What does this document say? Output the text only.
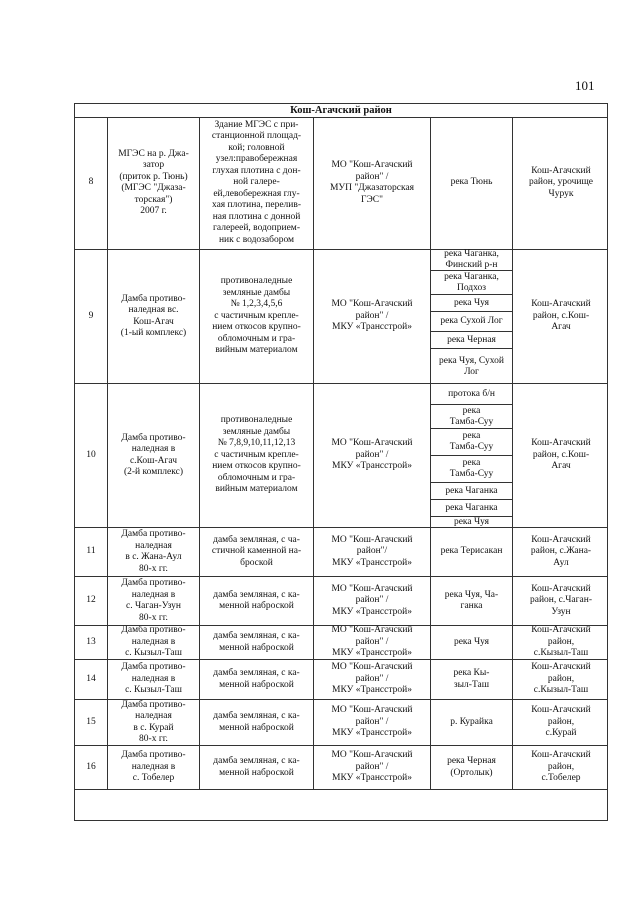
101
Кош-Агачский район
8
МГЭС на р. Джа-
затор
(приток р. Тюнь)
(МГЭС "Джаза-
торская")
2007 г.
Здание МГЭС с при-
станционной площад-
кой; головной
узел:правобережная
глухая плотина с дон-
ной галере-
ей,левобережная глу-
хая плотина, перелив-
ная плотина с донной
галереей, водоприем-
ник с водозабором
МО "Кош-Агачский
район" /
МУП "Джазаторская
ГЭС"
река Тюнь
Кош-Агачский
район, урочище
Чурук
9
Дамба противо-
наледная вс.
Кош-Агач
(1-ый комплекс)
противоналедные
земляные дамбы
№ 1,2,3,4,5,6
с частичным крепле-
нием откосов крупно-
обломочным и гра-
вийным материалом
МО "Кош-Агачский
район" /
МКУ «Трансстрой»
река Чаганка,
Финский р-н
река Чаганка,
Подхоз
река Чуя
река Сухой Лог
река Черная
река Чуя, Сухой
Лог
Кош-Агачский
район, с.Кош-
Агач
10
Дамба противо-
наледная в
с.Кош-Агач
(2-й комплекс)
противоналедные
земляные дамбы
№ 7,8,9,10,11,12,13
с частичным крепле-
нием откосов крупно-
обломочным и гра-
вийным материалом
МО "Кош-Агачский
район" /
МКУ «Трансстрой»
протока б/н
река
Тамба-Суу
река
Тамба-Суу
река
Тамба-Суу
река Чаганка
река Чаганка
река Чуя
Кош-Агачский
район, с.Кош-
Агач
11
Дамба противо-
наледная
в с. Жана-Аул
80-х гг.
дамба земляная, с ча-
стичной каменной на-
броской
МО "Кош-Агачский
район"/
МКУ «Трансстрой»
река Терисакан
Кош-Агачский
район, с.Жана-
Аул
12
Дамба противо-
наледная в
с. Чаган-Узун
80-х гг.
дамба земляная, с ка-
менной наброской
МО "Кош-Агачский
район" /
МКУ «Трансстрой»
река Чуя, Ча-
ганка
Кош-Агачский
район, с.Чаган-
Узун
13
Дамба противо-
наледная в
с. Кызыл-Таш
дамба земляная, с ка-
менной наброской
МО "Кош-Агачский
район" /
МКУ «Трансстрой»
река Чуя
Кош-Агачский
район,
с.Кызыл-Таш
14
Дамба противо-
наледная в
с. Кызыл-Таш
дамба земляная, с ка-
менной наброской
МО "Кош-Агачский
район" /
МКУ «Трансстрой»
река Кы-
зыл-Таш
Кош-Агачский
район,
с.Кызыл-Таш
15
Дамба противо-
наледная
в с. Курай
80-х гг.
дамба земляная, с ка-
менной наброской
МО "Кош-Агачский
район" /
МКУ «Трансстрой»
р. Курайка
Кош-Агачский
район,
с.Курай
16
Дамба противо-
наледная в
с. Тобелер
дамба земляная, с ка-
менной наброской
МО "Кош-Агачский
район" /
МКУ «Трансстрой»
река Черная
(Ортолык)
Кош-Агачский
район,
с.Тобелер
